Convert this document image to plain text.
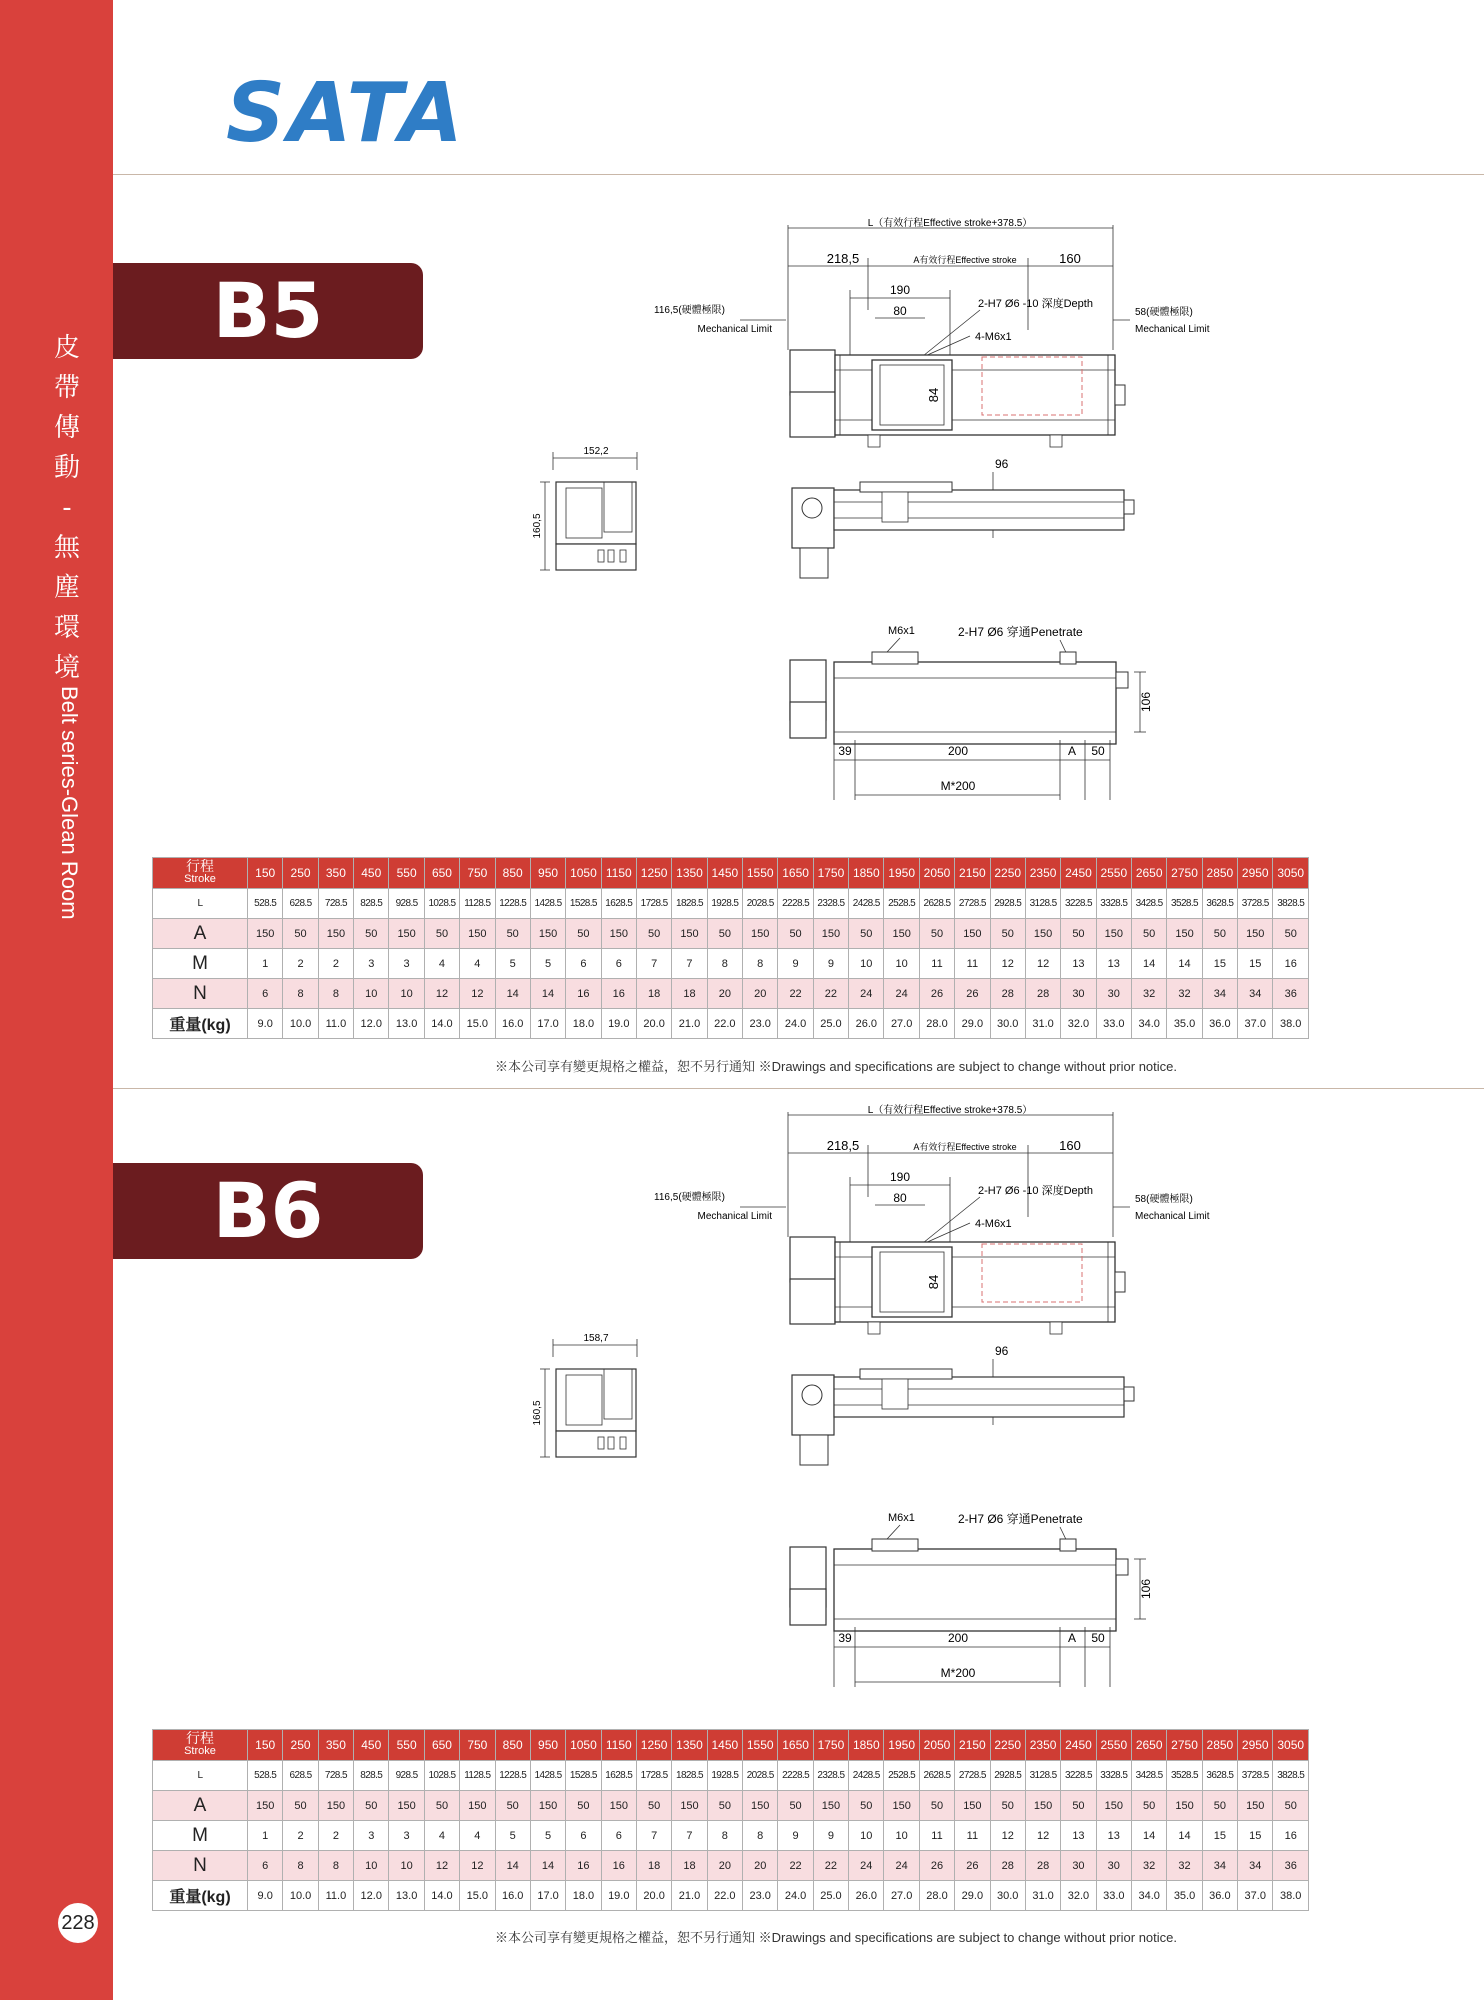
皮
帶
傳
動
-
無
塵
環
境
Belt series-Glean Room
228
SATA
B5
L（有效行程Effective stroke+378.5）
218,5	A有效行程Effective stroke	160
190
80	2-H7 Ø6 -10 深度Depth
116,5(硬體極限)
Mechanical Limit
58(硬體極限)
Mechanical Limit
4-M6x1
84
152,2
160,5
96
M6x1	2-H7 Ø6 穿通Penetrate
106
39	200	A 50
M*200
行程
Stroke	150	250	350	450	550	650	750	850	950	1050	1150	1250	1350	1450	1550	1650	1750	1850	1950	2050	2150	2250	2350	2450	2550	2650	2750	2850	2950	3050
L	528.5	628.5	728.5	828.5	928.5	1028.5	1128.5	1228.5	1428.5	1528.5	1628.5	1728.5	1828.5	1928.5	2028.5	2228.5	2328.5	2428.5	2528.5	2628.5	2728.5	2928.5	3128.5	3228.5	3328.5	3428.5	3528.5	3628.5	3728.5	3828.5
A	150	50	150	50	150	50	150	50	150	50	150	50	150	50	150	50	150	50	150	50	150	50	150	50	150	50	150	50	150	50
M	1	2	2	3	3	4	4	5	5	6	6	7	7	8	8	9	9	10	10	11	11	12	12	13	13	14	14	15	15	16
N	6	8	8	10	10	12	12	14	14	16	16	18	18	20	20	22	22	24	24	26	26	28	28	30	30	32	32	34	34	36
重量(kg)	9.0	10.0	11.0	12.0	13.0	14.0	15.0	16.0	17.0	18.0	19.0	20.0	21.0	22.0	23.0	24.0	25.0	26.0	27.0	28.0	29.0	30.0	31.0	32.0	33.0	34.0	35.0	36.0	37.0	38.0
※本公司享有變更規格之權益，恕不另行通知 ※Drawings and specifications are subject to change without prior notice.
B6
L（有效行程Effective stroke+378.5）
218,5	A有效行程Effective stroke	160
190
80	2-H7 Ø6 -10 深度Depth
116,5(硬體極限)
Mechanical Limit
58(硬體極限)
Mechanical Limit
4-M6x1
84
158,7
160,5
96
M6x1	2-H7 Ø6 穿通Penetrate
106
39	200	A 50
M*200
行程
Stroke	150	250	350	450	550	650	750	850	950	1050	1150	1250	1350	1450	1550	1650	1750	1850	1950	2050	2150	2250	2350	2450	2550	2650	2750	2850	2950	3050
L	528.5	628.5	728.5	828.5	928.5	1028.5	1128.5	1228.5	1428.5	1528.5	1628.5	1728.5	1828.5	1928.5	2028.5	2228.5	2328.5	2428.5	2528.5	2628.5	2728.5	2928.5	3128.5	3228.5	3328.5	3428.5	3528.5	3628.5	3728.5	3828.5
A	150	50	150	50	150	50	150	50	150	50	150	50	150	50	150	50	150	50	150	50	150	50	150	50	150	50	150	50	150	50
M	1	2	2	3	3	4	4	5	5	6	6	7	7	8	8	9	9	10	10	11	11	12	12	13	13	14	14	15	15	16
N	6	8	8	10	10	12	12	14	14	16	16	18	18	20	20	22	22	24	24	26	26	28	28	30	30	32	32	34	34	36
重量(kg)	9.0	10.0	11.0	12.0	13.0	14.0	15.0	16.0	17.0	18.0	19.0	20.0	21.0	22.0	23.0	24.0	25.0	26.0	27.0	28.0	29.0	30.0	31.0	32.0	33.0	34.0	35.0	36.0	37.0	38.0
※本公司享有變更規格之權益，恕不另行通知 ※Drawings and specifications are subject to change without prior notice.
